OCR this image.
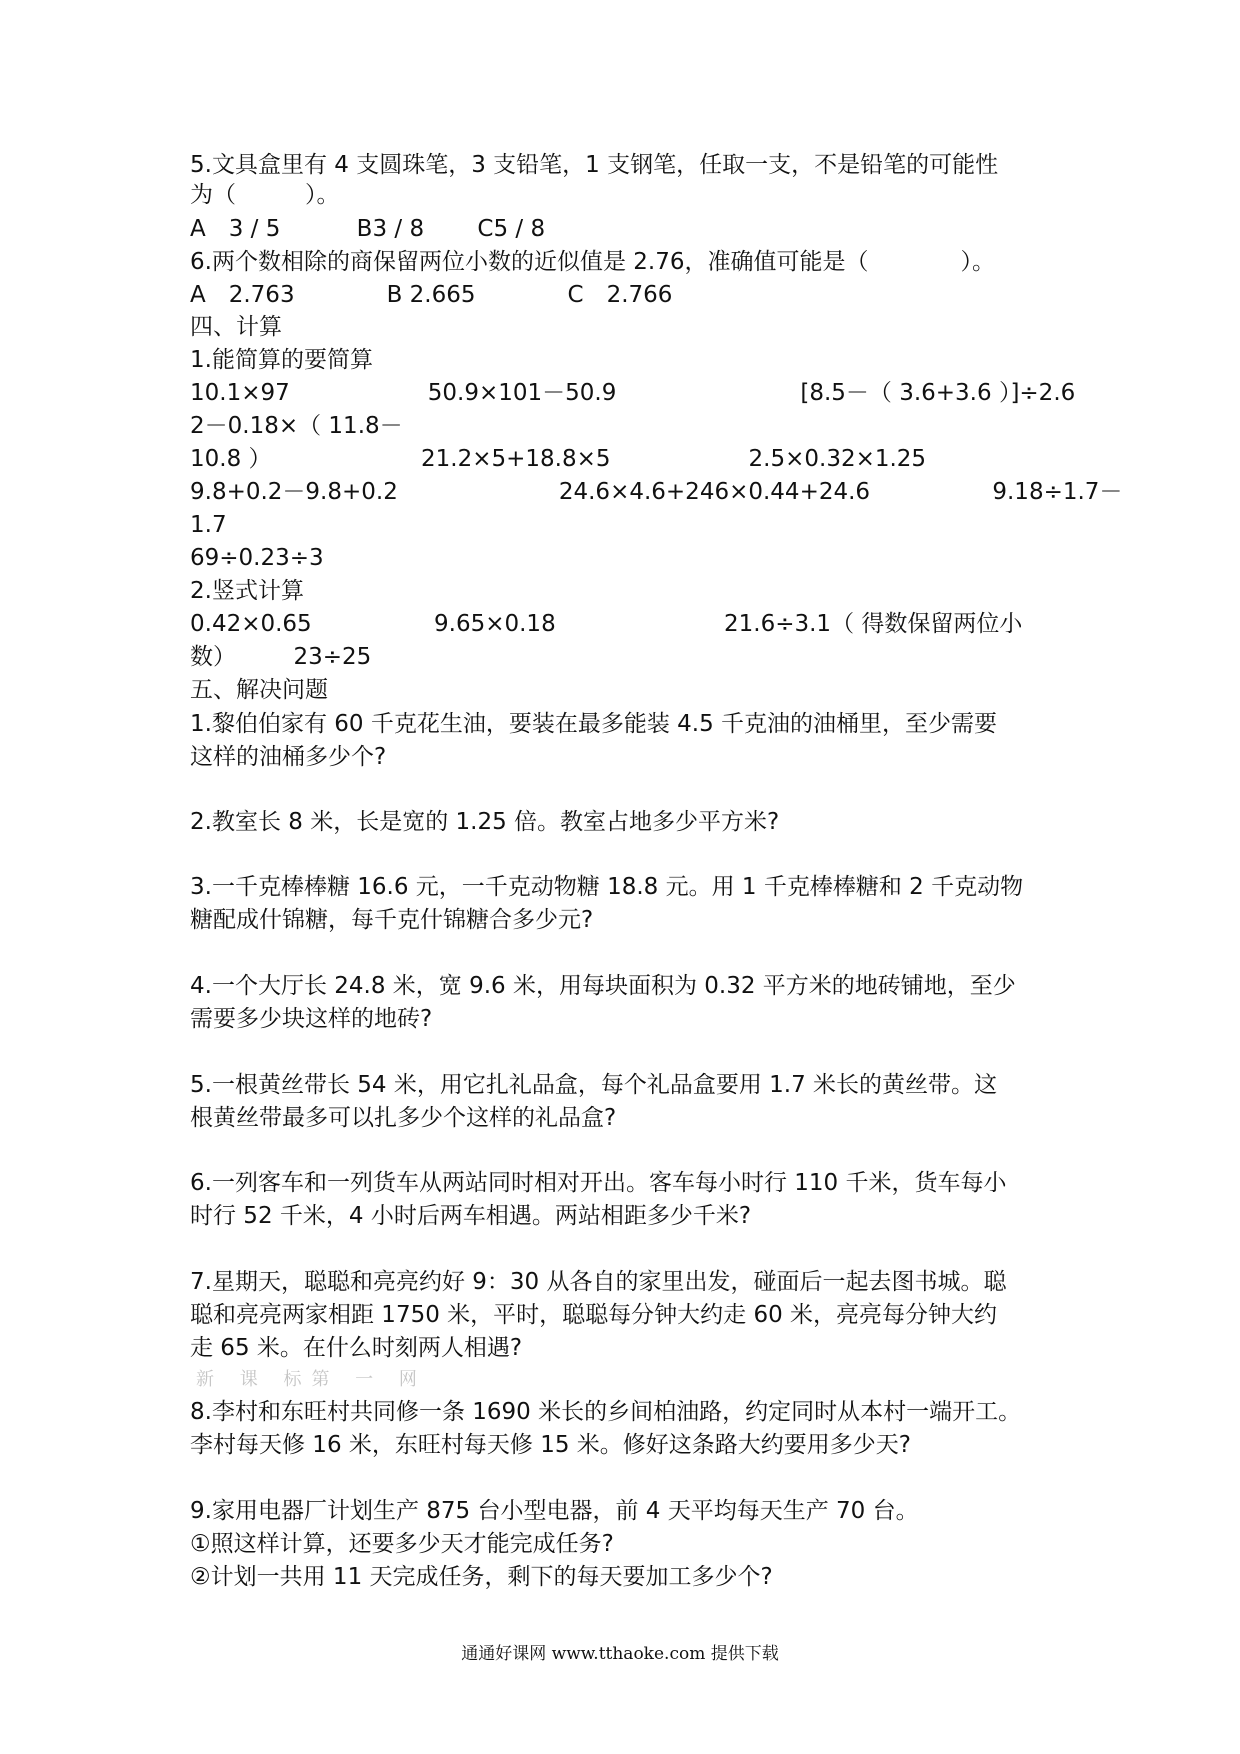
5.文具盒里有 4 支圆珠笔，3 支铅笔，1 支钢笔，任取一支，不是铅笔的可能性
为（　　　）。
A　3 / 5　　　 B3 / 8　　 C5 / 8
6.两个数相除的商保留两位小数的近似值是 2.76，准确值可能是（　　　　）。
A　2.763　　　　B 2.665　　　　C　2.766
四、计算
1.能简算的要简算
10.1×97　　　　　　50.9×101－50.9　　　　　　　　[8.5－（ 3.6+3.6 ）]÷2.6
2－0.18×（ 11.8－
10.8 ）　　　　　　　21.2×5+18.8×5　　　　　　2.5×0.32×1.25
9.8+0.2－9.8+0.2　　　　　　　24.6×4.6+246×0.44+24.6　　　　　 9.18÷1.7－
1.7
69÷0.23÷3
2.竖式计算
0.42×0.65　　　　　 9.65×0.18　　　　　　　 21.6÷3.1（ 得数保留两位小
数）　　　23÷25
五、解决问题
1.黎伯伯家有 60 千克花生油，要装在最多能装 4.5 千克油的油桶里，至少需要
这样的油桶多少个?
2.教室长 8 米，长是宽的 1.25 倍。教室占地多少平方米?
3.一千克棒棒糖 16.6 元，一千克动物糖 18.8 元。用 1 千克棒棒糖和 2 千克动物
糖配成什锦糖，每千克什锦糖合多少元?
4.一个大厅长 24.8 米，宽 9.6 米，用每块面积为 0.32 平方米的地砖铺地，至少
需要多少块这样的地砖?
5.一根黄丝带长 54 米，用它扎礼品盒，每个礼品盒要用 1.7 米长的黄丝带。这
根黄丝带最多可以扎多少个这样的礼品盒?
6.一列客车和一列货车从两站同时相对开出。客车每小时行 110 千米，货车每小
时行 52 千米，4 小时后两车相遇。两站相距多少千米?
7.星期天，聪聪和亮亮约好 9：30 从各自的家里出发，碰面后一起去图书城。聪
聪和亮亮两家相距 1750 米，平时，聪聪每分钟大约走 60 米，亮亮每分钟大约
走 65 米。在什么时刻两人相遇?
新 课 标第 一 网
8.李村和东旺村共同修一条 1690 米长的乡间柏油路，约定同时从本村一端开工。
李村每天修 16 米，东旺村每天修 15 米。修好这条路大约要用多少天?
9.家用电器厂计划生产 875 台小型电器，前 4 天平均每天生产 70 台。
①照这样计算，还要多少天才能完成任务?
②计划一共用 11 天完成任务，剩下的每天要加工多少个?
通通好课网 www.tthaoke.com 提供下载
